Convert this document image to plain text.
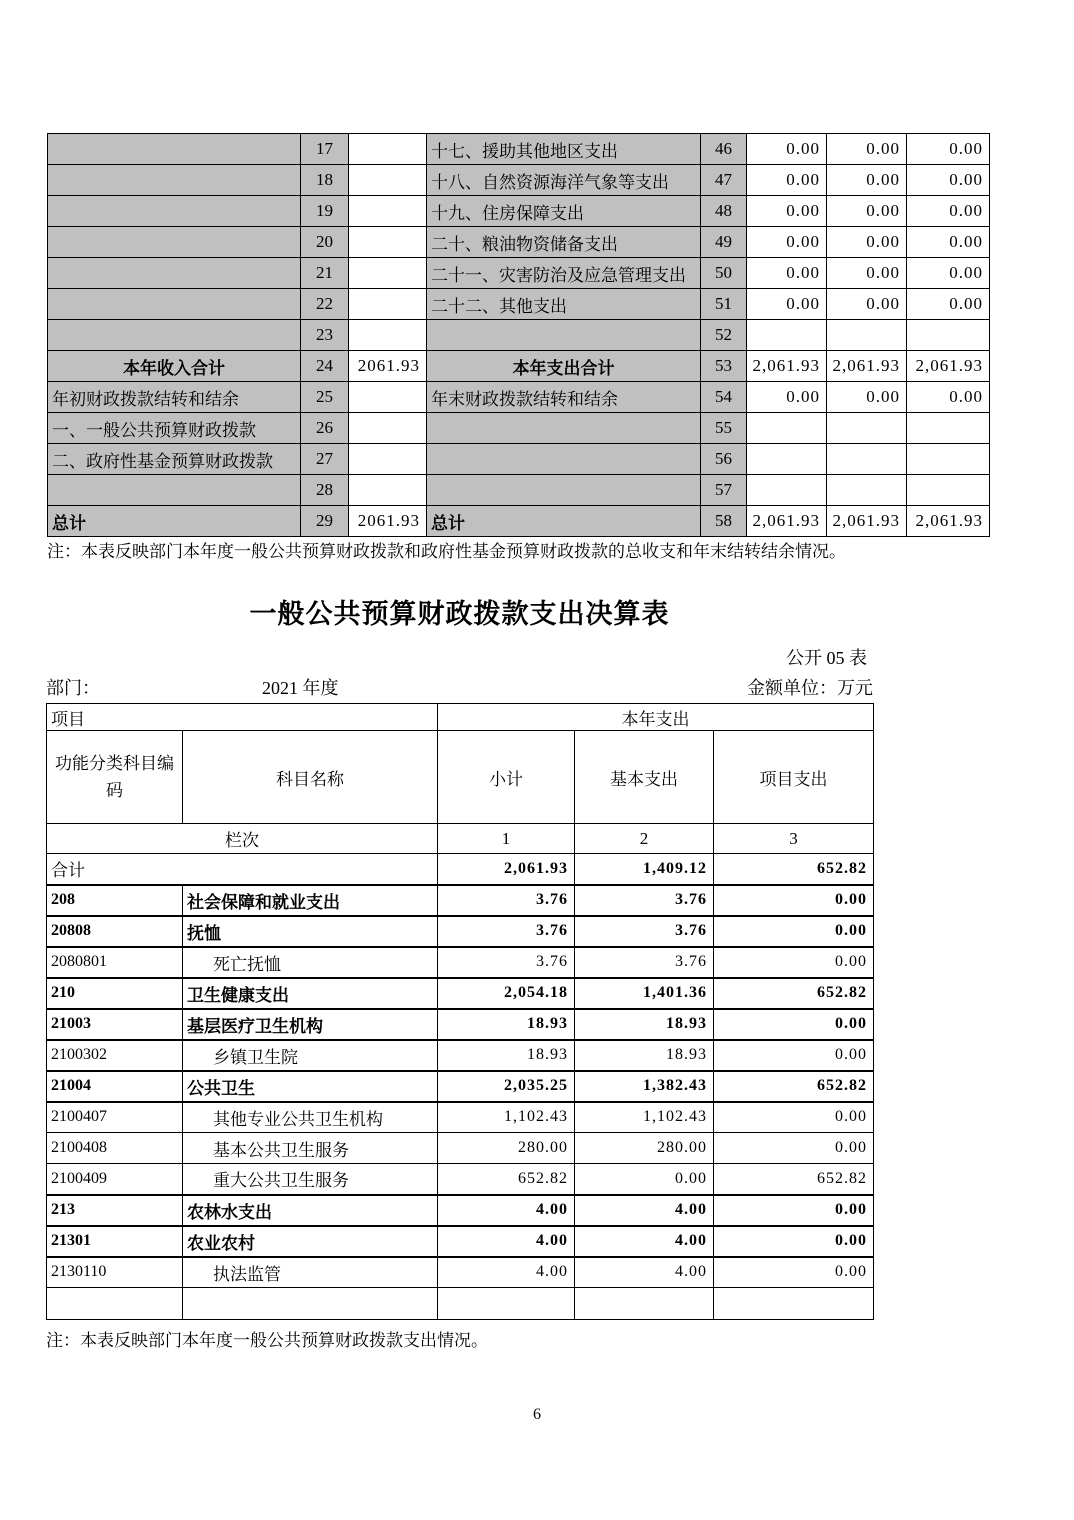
	17		十七、援助其他地区支出	46	0.00	0.00	0.00
	18		十八、自然资源海洋气象等支出	47	0.00	0.00	0.00
	19		十九、住房保障支出	48	0.00	0.00	0.00
	20		二十、粮油物资储备支出	49	0.00	0.00	0.00
	21		二十一、灾害防治及应急管理支出	50	0.00	0.00	0.00
	22		二十二、其他支出	51	0.00	0.00	0.00
	23			52			
本年收入合计	24	2061.93	本年支出合计	53	2,061.93	2,061.93	2,061.93
年初财政拨款结转和结余	25		年末财政拨款结转和结余	54	0.00	0.00	0.00
一、一般公共预算财政拨款	26			55			
二、政府性基金预算财政拨款	27			56			
	28			57			
总计	29	2061.93	总计	58	2,061.93	2,061.93	2,061.93
注：本表反映部门本年度一般公共预算财政拨款和政府性基金预算财政拨款的总收支和年末结转结余情况。
一般公共预算财政拨款支出决算表
公开 05 表
部门：	2021 年度	金额单位：万元
项目		本年支出		
功能分类科目编码	科目名称	小计	基本支出	项目支出
栏次		1	2	3
合计		2,061.93	1,409.12	652.82
208	社会保障和就业支出	3.76	3.76	0.00
20808	抚恤	3.76	3.76	0.00
2080801	死亡抚恤	3.76	3.76	0.00
210	卫生健康支出	2,054.18	1,401.36	652.82
21003	基层医疗卫生机构	18.93	18.93	0.00
2100302	乡镇卫生院	18.93	18.93	0.00
21004	公共卫生	2,035.25	1,382.43	652.82
2100407	其他专业公共卫生机构	1,102.43	1,102.43	0.00
2100408	基本公共卫生服务	280.00	280.00	0.00
2100409	重大公共卫生服务	652.82	0.00	652.82
213	农林水支出	4.00	4.00	0.00
21301	农业农村	4.00	4.00	0.00
2130110	执法监管	4.00	4.00	0.00

注：本表反映部门本年度一般公共预算财政拨款支出情况。
6
